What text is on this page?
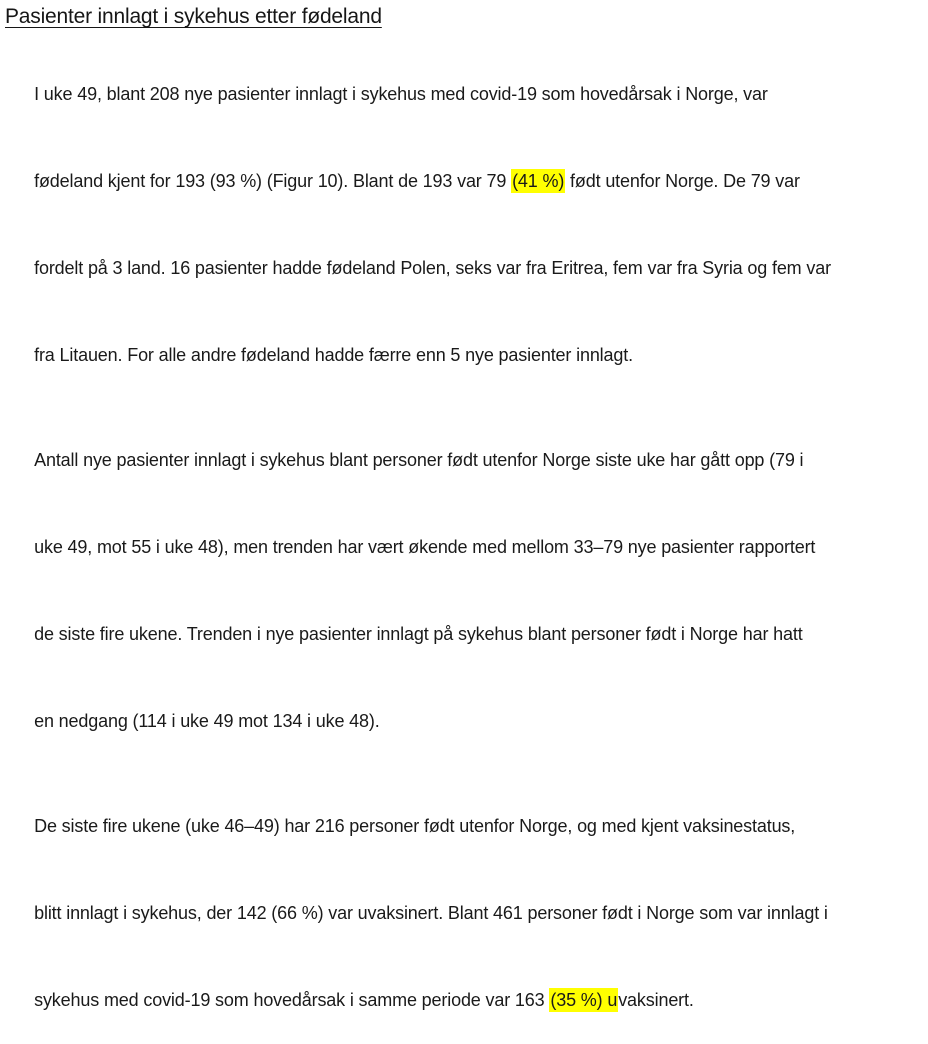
Pasienter innlagt i sykehus etter fødeland

I uke 49, blant 208 nye pasienter innlagt i sykehus med covid-19 som hovedårsak i Norge, var

fødeland kjent for 193 (93 %) (Figur 10). Blant de 193 var 79 (41 %) født utenfor Norge. De 79 var

fordelt på 3 land. 16 pasienter hadde fødeland Polen, seks var fra Eritrea, fem var fra Syria og fem var

fra Litauen. For alle andre fødeland hadde færre enn 5 nye pasienter innlagt.

Antall nye pasienter innlagt i sykehus blant personer født utenfor Norge siste uke har gått opp (79 i

uke 49, mot 55 i uke 48), men trenden har vært økende med mellom 33–79 nye pasienter rapportert

de siste fire ukene. Trenden i nye pasienter innlagt på sykehus blant personer født i Norge har hatt

en nedgang (114 i uke 49 mot 134 i uke 48).

De siste fire ukene (uke 46–49) har 216 personer født utenfor Norge, og med kjent vaksinestatus,

blitt innlagt i sykehus, der 142 (66 %) var uvaksinert. Blant 461 personer født i Norge som var innlagt i

sykehus med covid-19 som hovedårsak i samme periode var 163 (35 %) uvaksinert.
